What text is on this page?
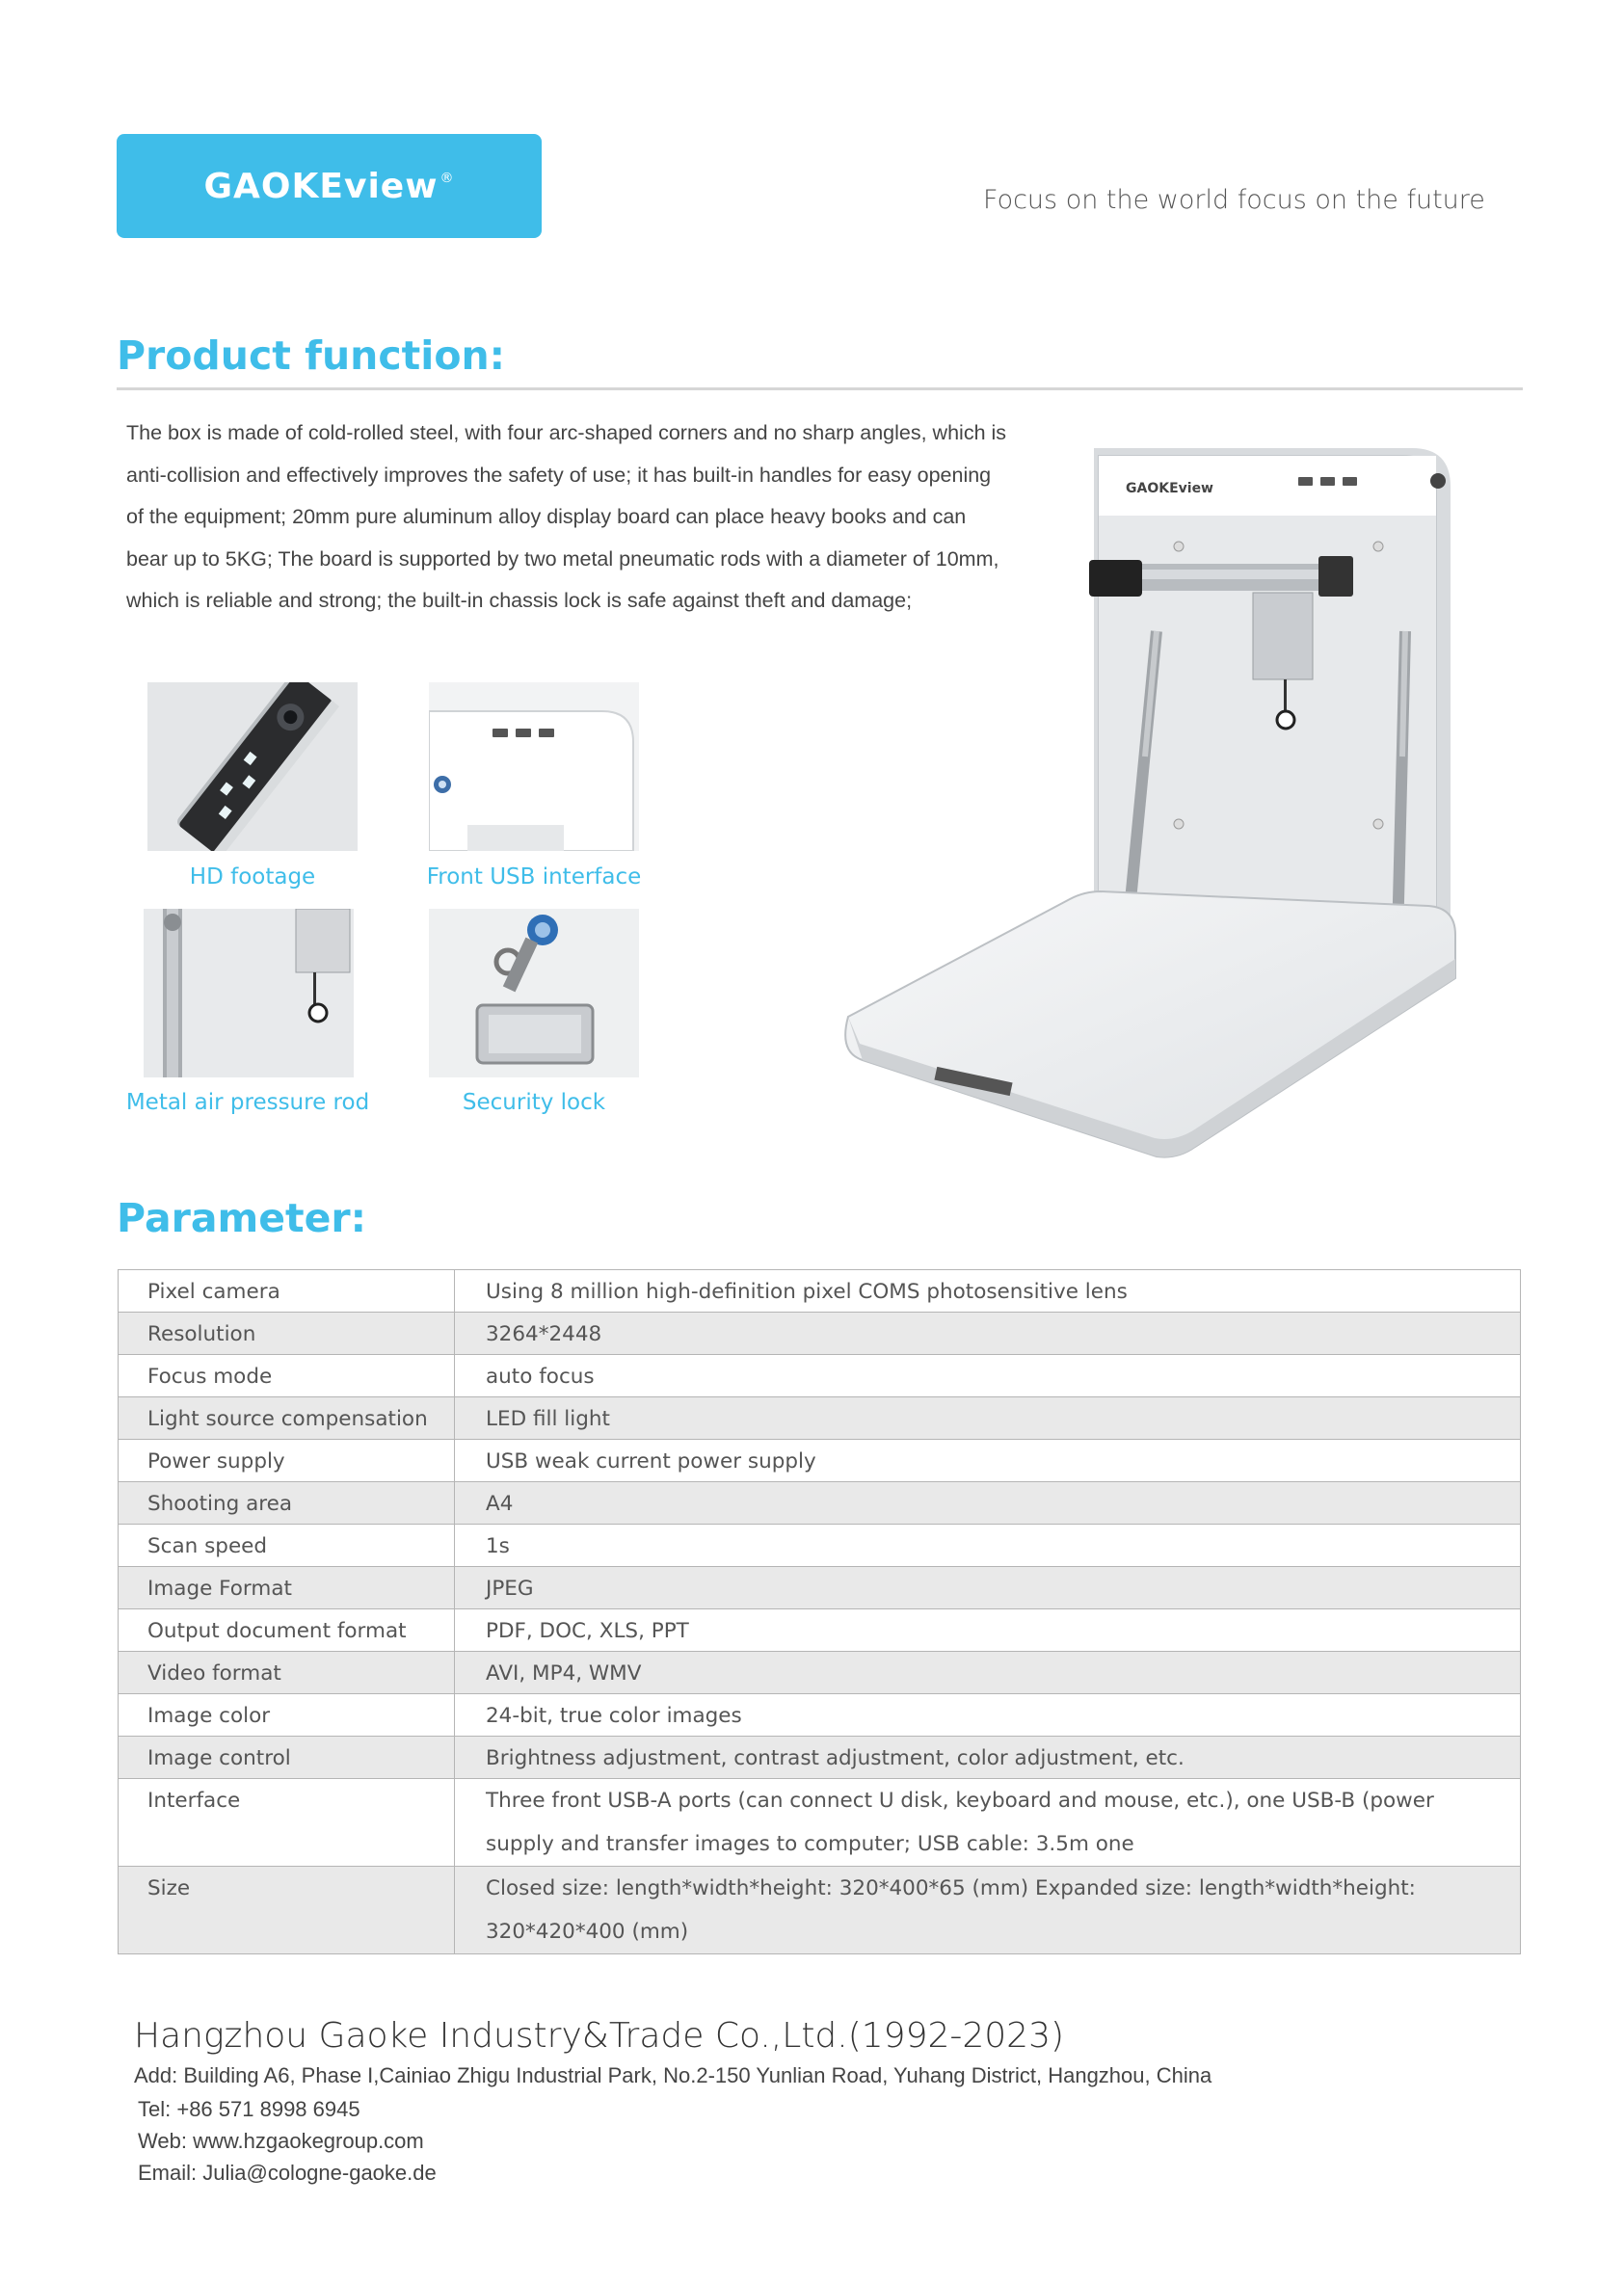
GAOKEview ®
Focus on the world focus on the future
Product function:
The box is made of cold-rolled steel, with four arc-shaped corners and no sharp angles, which is anti-collision and effectively improves the safety of use; it has built-in handles for easy opening of the equipment; 20mm pure aluminum alloy display board can place heavy books and can bear up to 5KG; The board is supported by two metal pneumatic rods with a diameter of 10mm, which is reliable and strong; the built-in chassis lock is safe against theft and damage;
HD footage	Front USB interface
Metal air pressure rod	Security lock
GAOKEview
Parameter:
Pixel camera	Using 8 million high-definition pixel COMS photosensitive lens
Resolution	3264*2448
Focus mode	auto focus
Light source compensation	LED fill light
Power supply	USB weak current power supply
Shooting area	A4
Scan speed	1s
Image Format	JPEG
Output document format	PDF, DOC, XLS, PPT
Video format	AVI, MP4, WMV
Image color	24-bit, true color images
Image control	Brightness adjustment, contrast adjustment, color adjustment, etc.
Interface	Three front USB-A ports (can connect U disk, keyboard and mouse, etc.), one USB-B (power supply and transfer images to computer; USB cable: 3.5m one
Size	Closed size: length*width*height: 320*400*65 (mm) Expanded size: length*width*height: 320*420*400 (mm)
Hangzhou Gaoke Industry&Trade Co.,Ltd.(1992-2023)
Add: Building A6, Phase I,Cainiao Zhigu Industrial Park, No.2-150 Yunlian Road, Yuhang District, Hangzhou, China
Tel: +86 571 8998 6945
Web: www.hzgaokegroup.com
Email: Julia@cologne-gaoke.de
